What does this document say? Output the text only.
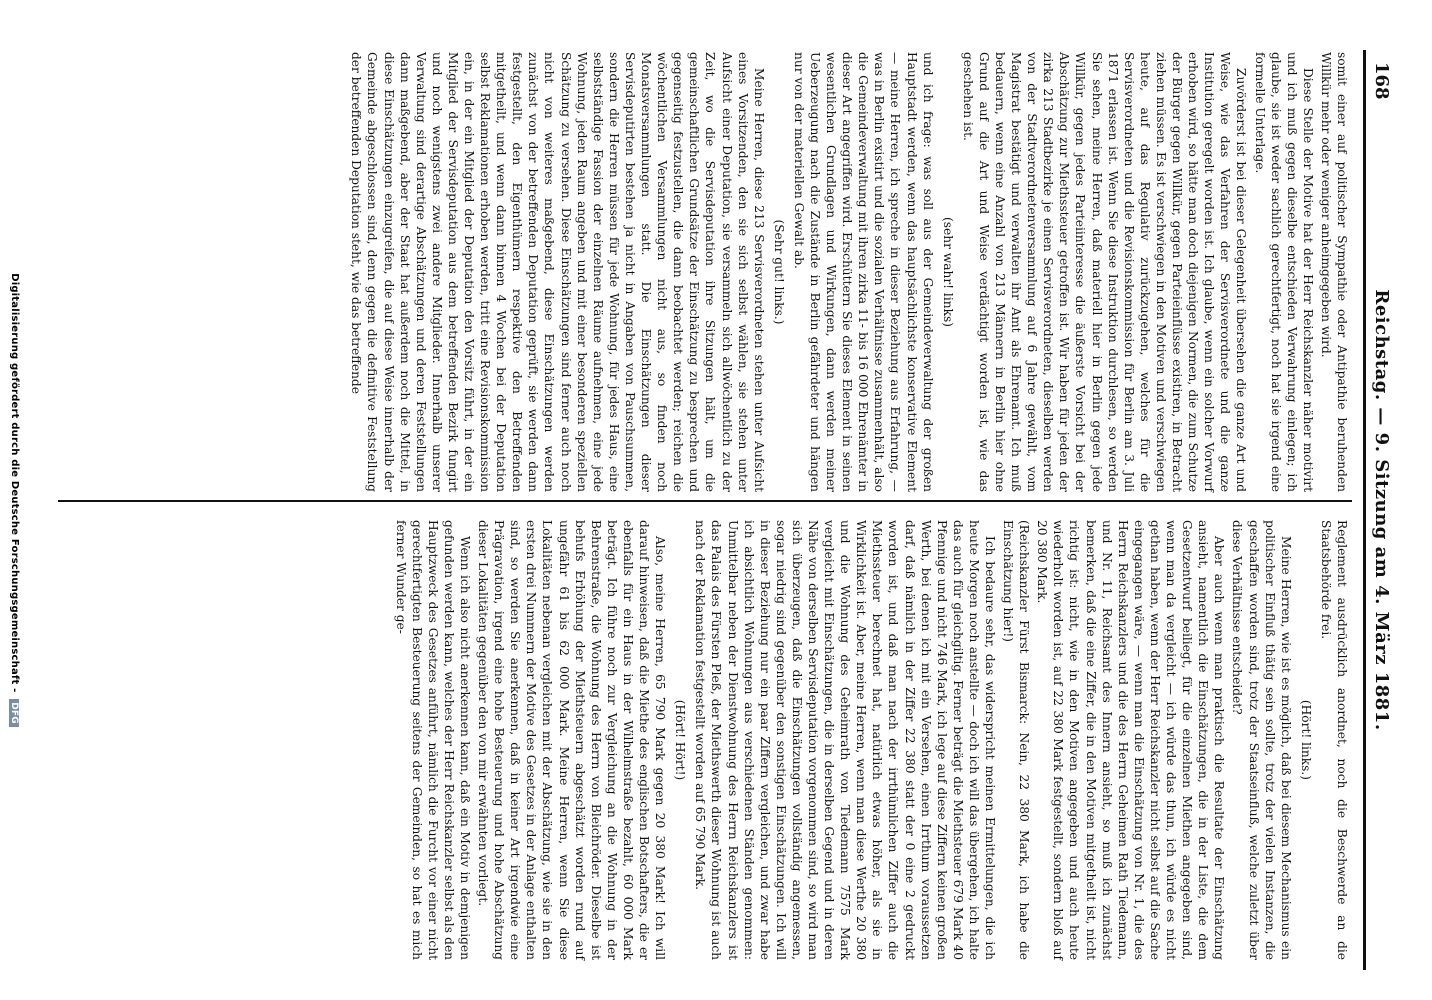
168
Reichstag. — 9. Sitzung am 4. März 1881.

somit einer auf politischer Sympathie oder Antipathie beruhenden Willkür mehr oder weniger anheimgegeben wird.

Diese Stelle der Motive hat der Herr Reichskanzler näher motivirt und ich muß gegen dieselbe entschieden Verwahrung einlegen; ich glaube, sie ist weder sachlich gerechtfertigt, noch hat sie irgend eine formelle Unterlage.

Zuvörderst ist bei dieser Gelegenheit übersehen die ganze Art und Weise, wie das Verfahren der Servisverordnete und die ganze Institution geregelt worden ist. Ich glaube, wenn ein solcher Vorwurf erhoben wird, so hätte man doch diejenigen Normen, die zum Schutze der Bürger gegen Willkür, gegen Parteieinflüsse existiren, in Betracht ziehen müssen. Es ist verschwiegen in den Motiven und verschwiegen heute, auf das Regulativ zurückzugehen, welches für die Servisverordneten und die Revisionskommission für Berlin am 3. Juli 1871 erlassen ist. Wenn Sie diese Instruktion durchlesen, so werden Sie sehen, meine Herren, daß materiell hier in Berlin gegen jede Willkür, gegen jedes Parteiinteresse die äußerste Vorsicht bei der Abschätzung zur Miethssteuer getroffen ist. Wir haben für jeden der zirka 213 Stadtbezirke je einen Servisverordneten, dieselben werden von der Stadtverordnetenversammlung auf 6 Jahre gewählt, vom Magistrat bestätigt und verwalten ihr Amt als Ehrenamt. Ich muß bedauern, wenn eine Anzahl von 213 Männern in Berlin hier ohne Grund auf die Art und Weise verdächtigt worden ist, wie das geschehen ist.

(sehr wahr! links)

und ich frage: was soll aus der Gemeindeverwaltung der großen Hauptstadt werden, wenn das hauptsächlichste konservative Element — meine Herren, ich spreche in dieser Beziehung aus Erfahrung, — was in Berlin existirt und die sozialen Verhältnisse zusammenhält, also die Gemeindeverwaltung mit ihren zirka 11- bis 16 000 Ehrenämter in dieser Art angegriffen wird. Erschüttern Sie dieses Element in seinen wesentlichen Grundlagen und Wirkungen, dann werden meiner Ueberzeugung nach die Zustände in Berlin gefährdeter und hängen nur von der materiellen Gewalt ab.

(Sehr gut! links.)

Meine Herren, diese 213 Servisverordneten stehen unter Aufsicht eines Vorsitzenden, den sie sich selbst wählen, sie stehen unter Aufsicht einer Deputation, sie versammeln sich allwöchentlich zu der Zeit, wo die Servisdeputation ihre Sitzungen hält, um die gemeinschaftlichen Grundsätze der Einschätzung zu besprechen und gegenseitig festzustellen, die dann beobachtet werden; reichen die wöchentlichen Versammlungen nicht aus, so finden noch Monatsversammlungen statt. Die Einschätzungen dieser Servisdeputirten bestehen ja nicht in Angaben von Pauschsummen, sondern die Herren müssen für jede Wohnung, für jedes Haus, eine selbstständige Fassion der einzelnen Räume aufnehmen, eine jede Wohnung, jeden Raum angeben und mit einer besonderen speziellen Schätzung zu versehen. Diese Einschätzungen sind ferner auch noch nicht von weiteres maßgebend, diese Einschätzungen werden zunächst von der betreffenden Deputation geprüft, sie werden dann festgestellt, den Eigenthümern respektive den Betreffenden mitgetheilt, und wenn dann binnen 4 Wochen bei der Deputation selbst Reklamationen erhoben werden, tritt eine Revisionskommission ein, in der ein Mitglied der Deputation den Vorsitz führt, in der ein Mitglied der Servisdeputation aus dem betreffenden Bezirk fungirt und noch wenigstens zwei andere Mitglieder. Innerhalb unserer Verwaltung sind derartige Abschätzungen und deren Feststellungen dann maßgebend, aber der Staat hat außerdem noch die Mittel, in diese Einschätzungen einzugreifen, die auf diese Weise innerhalb der Gemeinde abgeschlossen sind, denn gegen die definitive Feststellung der betreffenden Deputation steht, wie das betreffende

Reglement ausdrücklich anordnet, noch die Beschwerde an die Staatsbehörde frei.

(Hört! links.)

Meine Herren, wie ist es möglich, daß bei diesem Mechanismus ein politischer Einfluß thätig sein sollte, trotz der vielen Instanzen, die geschaffen worden sind, trotz der Staatseinfluß, welche zuletzt über diese Verhältnisse entscheidet?

Aber auch wenn man praktisch die Resultate der Einschätzung ansieht, namentlich die Einschätzungen, die in der Liste, die dem Gesetzentwurf beiliegt, für die einzelnen Miethen angegeben sind, wenn man da vergleicht — ich würde das thun, ich würde es nicht gethan haben, wenn der Herr Reichskanzler nicht selbst auf die Sache eingegangen wäre, — wenn man die Einschätzung von Nr. 1, die des Herrn Reichskanzlers und die des Herrn Geheimen Rath Tiedemann, und Nr. 11, Reichsamt des Innern ansieht, so muß ich zunächst bemerken, daß die eine Ziffer, die in den Motiven mitgetheilt ist, nicht richtig ist: nicht, wie in den Motiven angegeben und auch heute wiederholt worden ist, auf 22 380 Mark festgestellt, sondern bloß auf 20 380 Mark.

(Reichskanzler Fürst Bismarck: Nein, 22 380 Mark, ich habe die Einschätzung hier!)

Ich bedaure sehr, das widerspricht meinen Ermittelungen, die ich heute Morgen noch anstellte — doch ich will das übergehen, ich halte das auch für gleichgiltig. Ferner beträgt die Miethsteuer 679 Mark 40 Pfennige und nicht 746 Mark, ich lege auf diese Ziffern keinen großen Werth, bei denen ich mit ein Versehen, einen Irrthum voraussetzen darf, daß nämlich in der Ziffer 22 380 statt der 0 eine 2 gedruckt worden ist, und daß man nach der irrthümlichen Ziffer auch die Miethssteuer berechnet hat, natürlich etwas höher, als sie in Wirklichkeit ist. Aber, meine Herren, wenn man diese Werthe 20 380 und die Wohnung des Geheimrath von Tiedemann 7575 Mark vergleicht mit Einschätzungen, die in derselben Gegend und in deren Nähe von derselben Servisdeputation vorgenommen sind, so wird man sich überzeugen, daß die Einschätzungen vollständig angemessen, sogar niedrig sind gegenüber den sonstigen Einschätzungen. Ich will in dieser Beziehung nur ein paar Ziffern vergleichen, und zwar habe ich absichtlich Wohnungen aus verschiedenen Ständen genommen: Unmittelbar neben der Dienstwohnung des Herrn Reichskanzlers ist das Palais des Fürsten Pleß, der Miethswerth dieser Wohnung ist auch nach der Reklamation festgestellt worden auf 65 790 Mark.

(Hört! Hört!)

Also, meine Herren, 65 790 Mark gegen 20 380 Mark! Ich will darauf hinweisen, daß die Miethe des englischen Botschafters, die er ebenfalls für ein Haus in der Wilhelmstraße bezahlt, 60 000 Mark beträgt. Ich führe noch zur Vergleichung an die Wohnung in der Behrenstraße, die Wohnung des Herrn von Bleichröder. Dieselbe ist behufs Erhöhung der Miethsteuern abgeschätzt worden rund auf ungefähr 61 bis 62 000 Mark. Meine Herren, wenn Sie diese Lokalitäten nebenan vergleichen mit der Abschätzung, wie sie in den ersten drei Nummern der Motive des Gesetzes in der Anlage enthalten sind, so werden Sie anerkennen, daß in keiner Art irgendwie eine Prägravation, irgend eine hohe Besteuerung und hohe Abschätzung dieser Lokalitäten gegenüber den von mir erwähnten vorliegt.

Wenn ich also nicht anerkennen kann, daß ein Motiv in demjenigen gefunden werden kann, welches der Herr Reichskanzler selbst als den Hauptzweck des Gesetzes anführt, nämlich die Furcht vor einer nicht gerechtfertigten Besteuerung seitens der Gemeinden, so hat es mich ferner Wunder ge-

Digitalisierung gefördert durch die Deutsche Forschungsgemeinschaft - DFG
